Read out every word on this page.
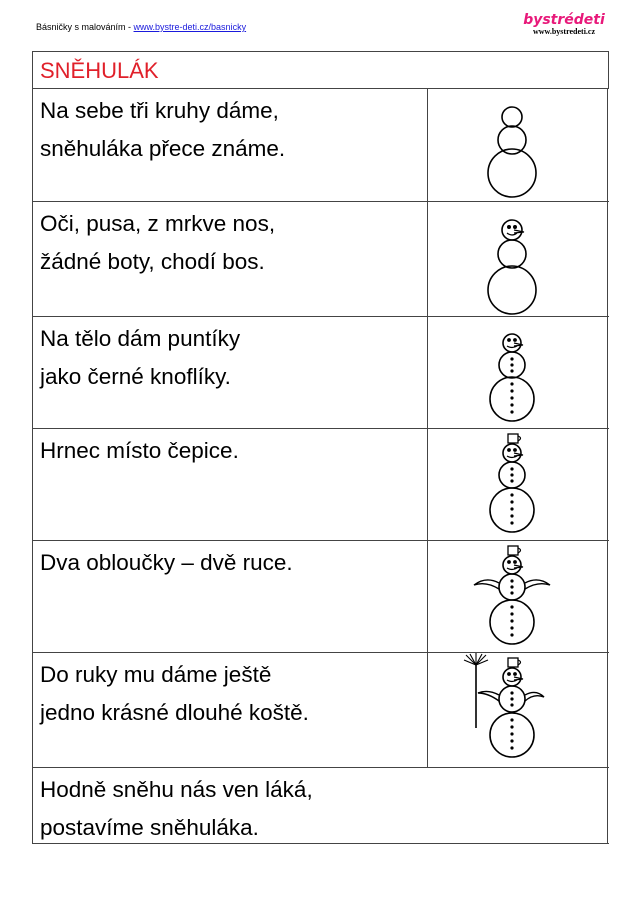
Básničky s malováním - www.bystre-deti.cz/basnicky	bystrédeti
www.bystredeti.cz
SNĚHULÁK
Na sebe tři kruhy dáme,
sněhuláka přece známe.
Oči, pusa, z mrkve nos,
žádné boty, chodí bos.
Na tělo dám puntíky
jako černé knoflíky.
Hrnec místo čepice.
Dva obloučky – dvě ruce.
Do ruky mu dáme ještě
jedno krásné dlouhé koště.
Hodně sněhu nás ven láká,
postavíme sněhuláka.
